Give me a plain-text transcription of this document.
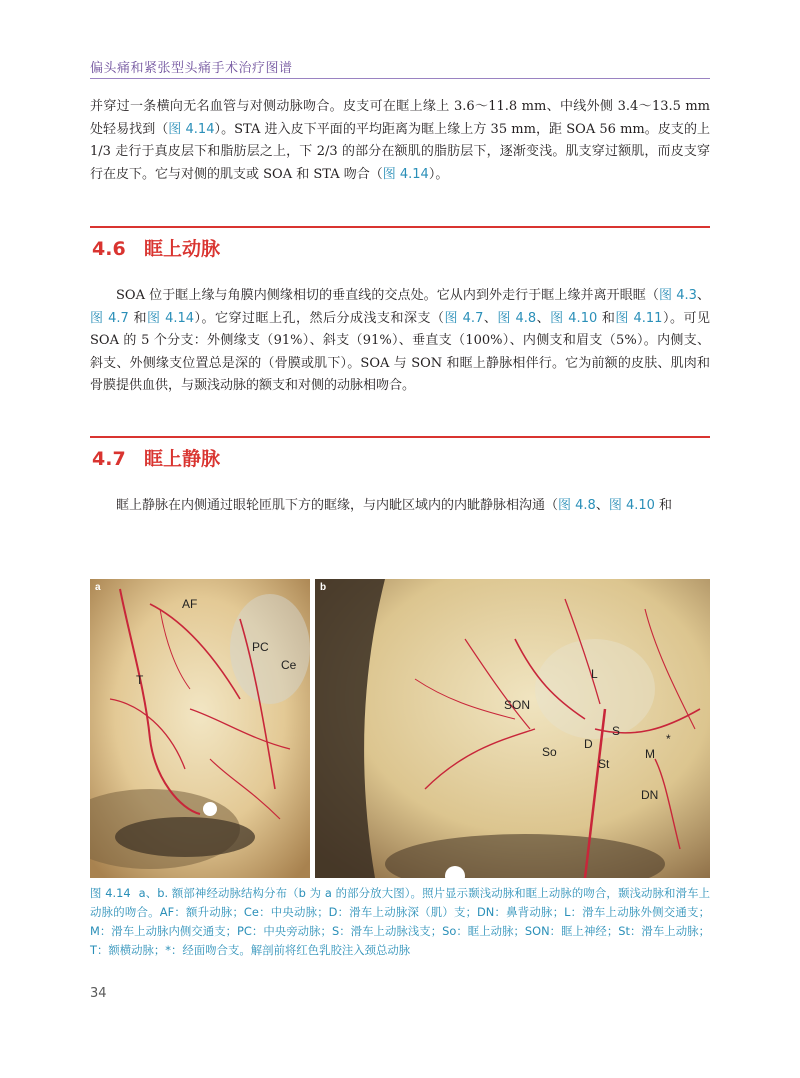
偏头痛和紧张型头痛手术治疗图谱

并穿过一条横向无名血管与对侧动脉吻合。皮支可在眶上缘上 3.6～11.8 mm、中线外侧 3.4～13.5 mm 处轻易找到（图 4.14）。STA 进入皮下平面的平均距离为眶上缘上方 35 mm，距 SOA 56 mm。皮支的上 1/3 走行于真皮层下和脂肪层之上，下 2/3 的部分在额肌的脂肪层下，逐渐变浅。肌支穿过额肌，而皮支穿行在皮下。它与对侧的肌支或 SOA 和 STA 吻合（图 4.14）。

4.6 眶上动脉

SOA 位于眶上缘与角膜内侧缘相切的垂直线的交点处。它从内到外走行于眶上缘并离开眼眶（图 4.3、图 4.7 和图 4.14）。它穿过眶上孔，然后分成浅支和深支（图 4.7、图 4.8、图 4.10 和图 4.11）。可见 SOA 的 5 个分支：外侧缘支（91%）、斜支（91%）、垂直支（100%）、内侧支和眉支（5%）。内侧支、斜支、外侧缘支位置总是深的（骨膜或肌下）。SOA 与 SON 和眶上静脉相伴行。它为前额的皮肤、肌肉和骨膜提供血供，与颞浅动脉的额支和对侧的动脉相吻合。

4.7 眶上静脉

眶上静脉在内侧通过眼轮匝肌下方的眶缘，与内眦区域内的内眦静脉相沟通（图 4.8、图 4.10 和

a
AF
PC
Ce
T
b
L
SON
S
D
So
St
M
*
DN

图 4.14 a、b. 额部神经动脉结构分布（b 为 a 的部分放大图）。照片显示颞浅动脉和眶上动脉的吻合，颞浅动脉和滑车上动脉的吻合。AF：额升动脉；Ce：中央动脉；D：滑车上动脉深（肌）支；DN：鼻背动脉；L：滑车上动脉外侧交通支；M：滑车上动脉内侧交通支；PC：中央旁动脉；S：滑车上动脉浅支；So：眶上动脉；SON：眶上神经；St：滑车上动脉；T：额横动脉；*：经面吻合支。解剖前将红色乳胶注入颈总动脉

34
